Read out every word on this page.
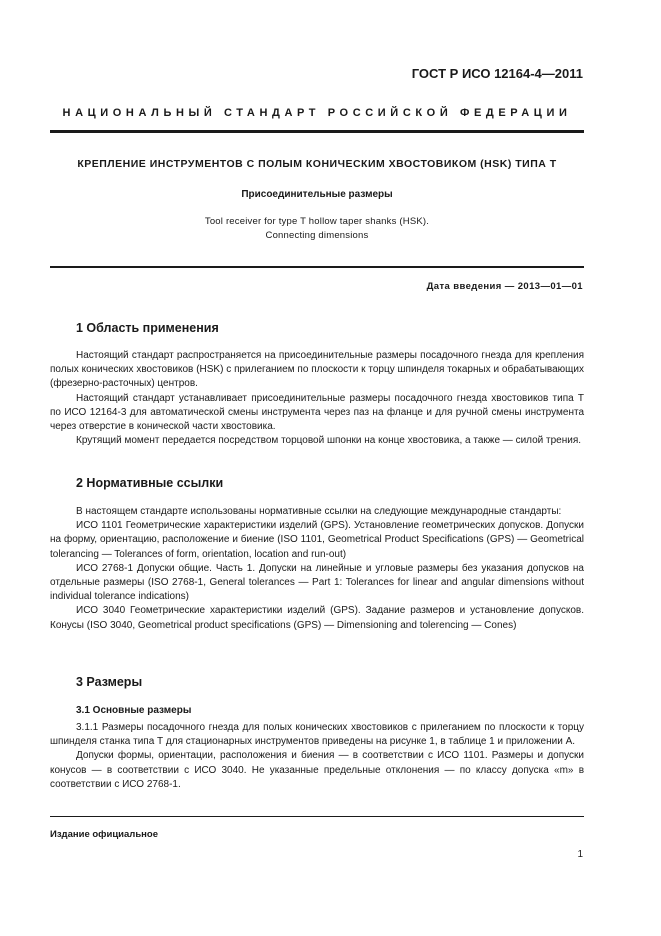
ГОСТ Р ИСО 12164-4—2011
НАЦИОНАЛЬНЫЙ СТАНДАРТ РОССИЙСКОЙ ФЕДЕРАЦИИ
КРЕПЛЕНИЕ ИНСТРУМЕНТОВ С ПОЛЫМ КОНИЧЕСКИМ ХВОСТОВИКОМ (HSK) ТИПА Т
Присоединительные размеры
Tool receiver for type T hollow taper shanks (HSK).
Connecting dimensions
Дата введения — 2013—01—01
1 Область применения

Настоящий стандарт распространяется на присоединительные размеры посадочного гнезда для крепления полых конических хвостовиков (HSK) с прилеганием по плоскости к торцу шпинделя токарных и обрабатывающих (фрезерно-расточных) центров.

Настоящий стандарт устанавливает присоединительные размеры посадочного гнезда хвостовиков типа Т по ИСО 12164-3 для автоматической смены инструмента через паз на фланце и для ручной смены инструмента через отверстие в конической части хвостовика.

Крутящий момент передается посредством торцовой шпонки на конце хвостовика, а также — силой трения.

2 Нормативные ссылки

В настоящем стандарте использованы нормативные ссылки на следующие международные стандарты:

ИСО 1101 Геометрические характеристики изделий (GPS). Установление геометрических допусков. Допуски на форму, ориентацию, расположение и биение (ISO 1101, Geometrical Product Specifications (GPS) — Geometrical tolerancing — Tolerances of form, orientation, location and run-out)

ИСО 2768-1 Допуски общие. Часть 1. Допуски на линейные и угловые размеры без указания допусков на отдельные размеры (ISO 2768-1, General tolerances — Part 1: Tolerances for linear and angular dimensions without individual tolerance indications)

ИСО 3040 Геометрические характеристики изделий (GPS). Задание размеров и установление допусков. Конусы (ISO 3040, Geometrical product specifications (GPS) — Dimensioning and tolerencing — Cones)

3 Размеры
3.1 Основные размеры

3.1.1 Размеры посадочного гнезда для полых конических хвостовиков с прилеганием по плоскости к торцу шпинделя станка типа Т для стационарных инструментов приведены на рисунке 1, в таблице 1 и приложении А.

Допуски формы, ориентации, расположения и биения — в соответствии с ИСО 1101. Размеры и допуски конусов — в соответствии с ИСО 3040. Не указанные предельные отклонения — по классу допуска «m» в соответствии с ИСО 2768-1.

Издание официальное
1
